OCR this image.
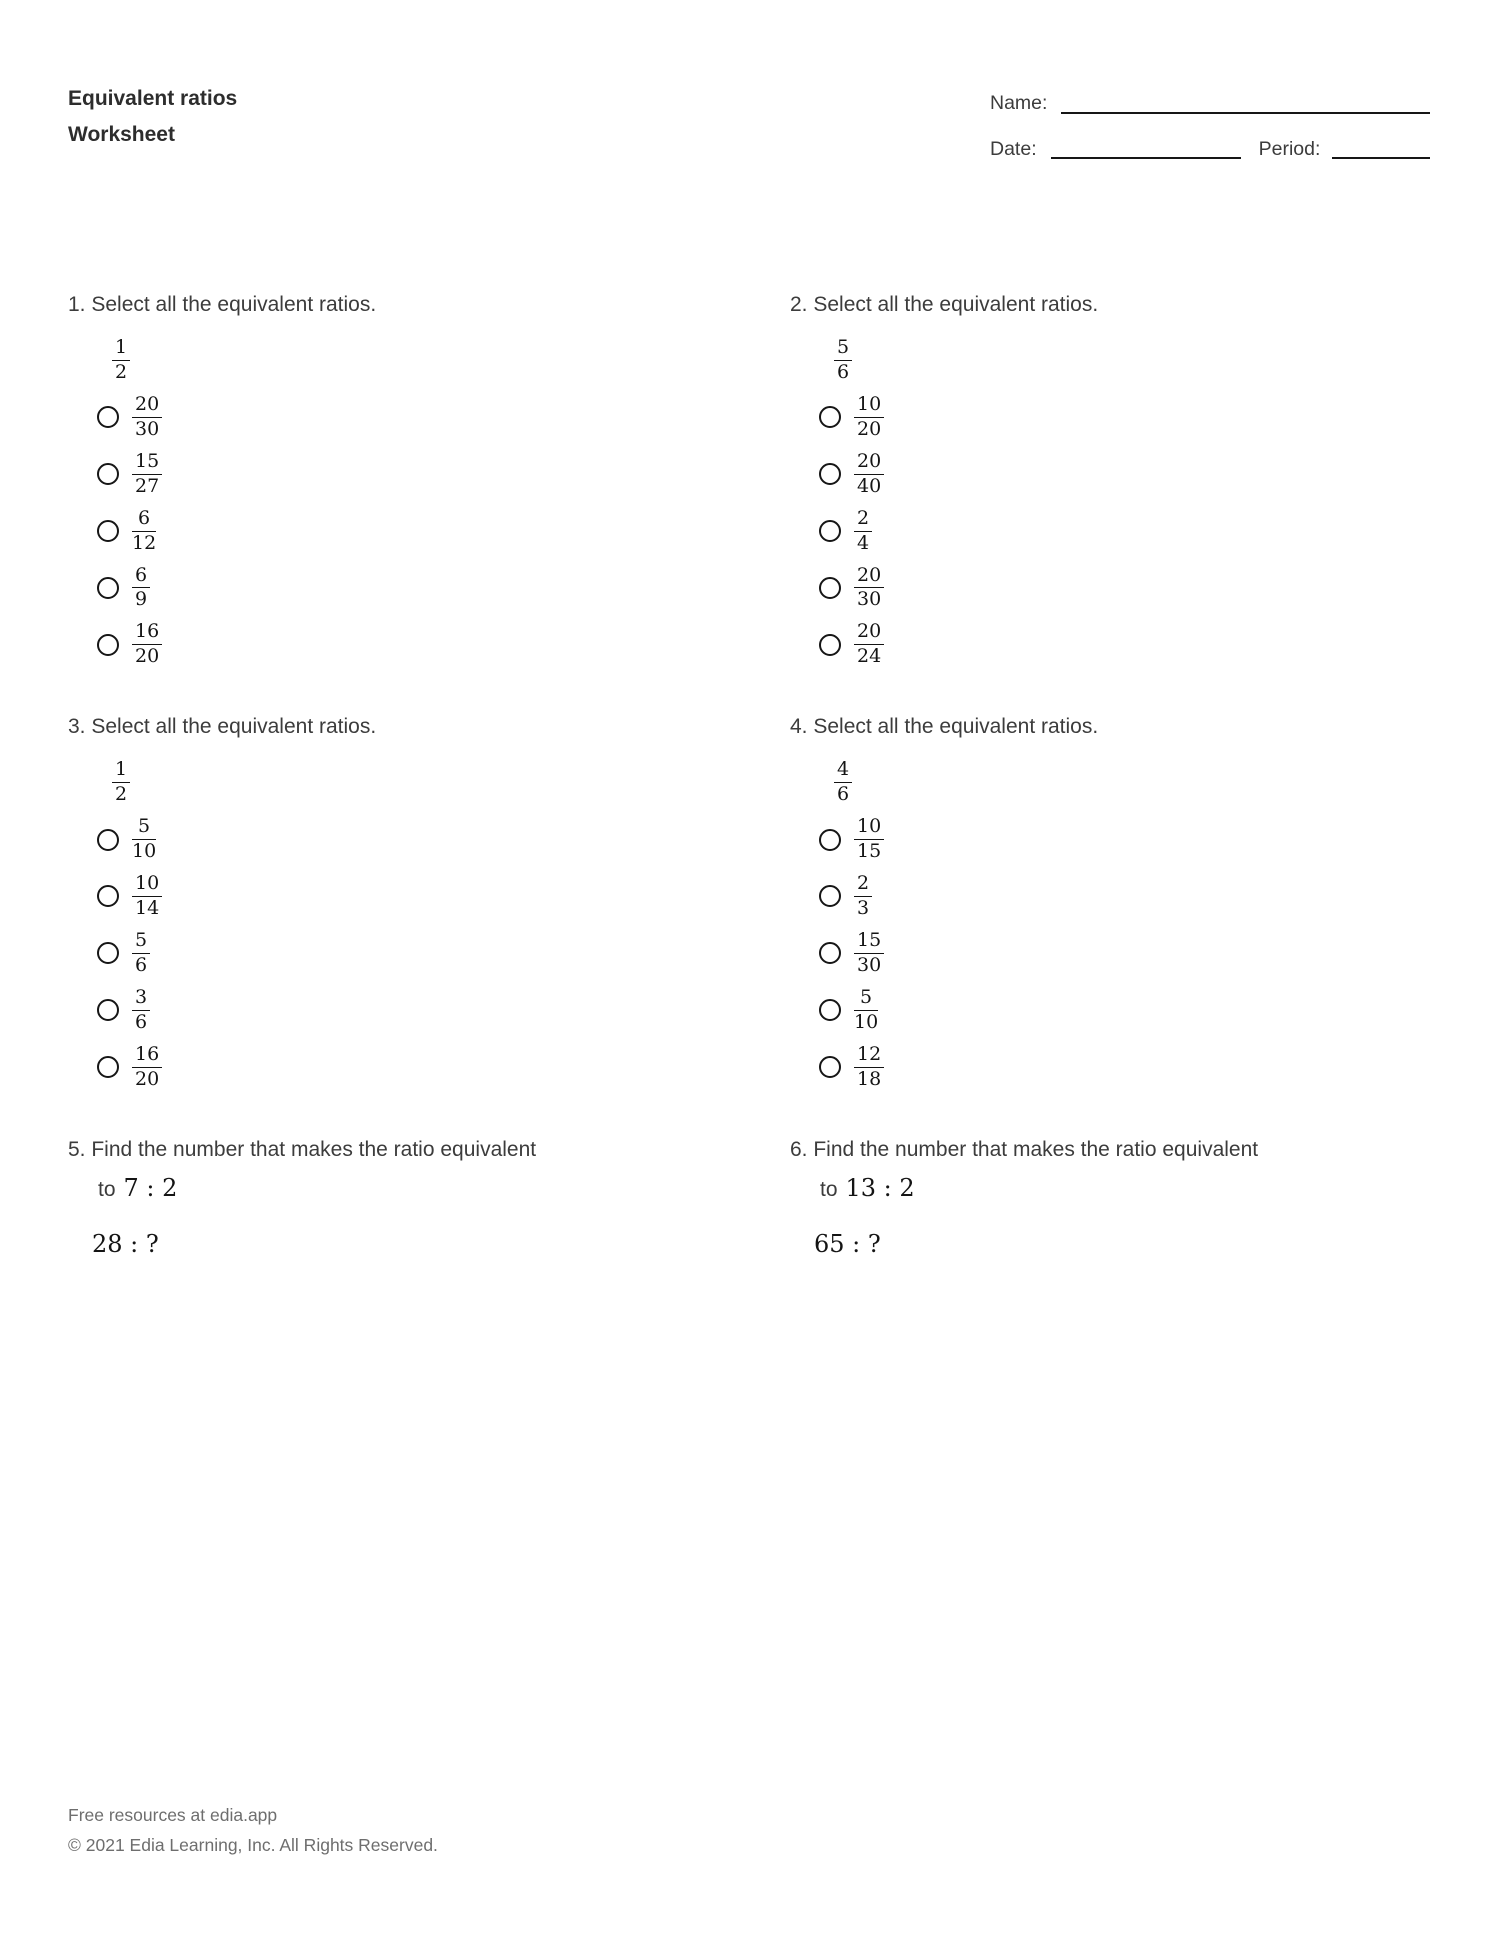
Equivalent ratios
Worksheet
Name:
Date:	Period:
1. Select all the equivalent ratios.
$\frac{1}{2}$
$\frac{20}{30}$
$\frac{15}{27}$
$\frac{6}{12}$
$\frac{6}{9}$
$\frac{16}{20}$
2. Select all the equivalent ratios.
$\frac{5}{6}$
$\frac{10}{20}$
$\frac{20}{40}$
$\frac{2}{4}$
$\frac{20}{30}$
$\frac{20}{24}$
3. Select all the equivalent ratios.
$\frac{1}{2}$
$\frac{5}{10}$
$\frac{10}{14}$
$\frac{5}{6}$
$\frac{3}{6}$
$\frac{16}{20}$
4. Select all the equivalent ratios.
$\frac{4}{6}$
$\frac{10}{15}$
$\frac{2}{3}$
$\frac{15}{30}$
$\frac{5}{10}$
$\frac{12}{18}$
5. Find the number that makes the ratio equivalent
to 7 : 2
28 : ?
6. Find the number that makes the ratio equivalent
to 13 : 2
65 : ?
Free resources at edia.app
© 2021 Edia Learning, Inc. All Rights Reserved.
